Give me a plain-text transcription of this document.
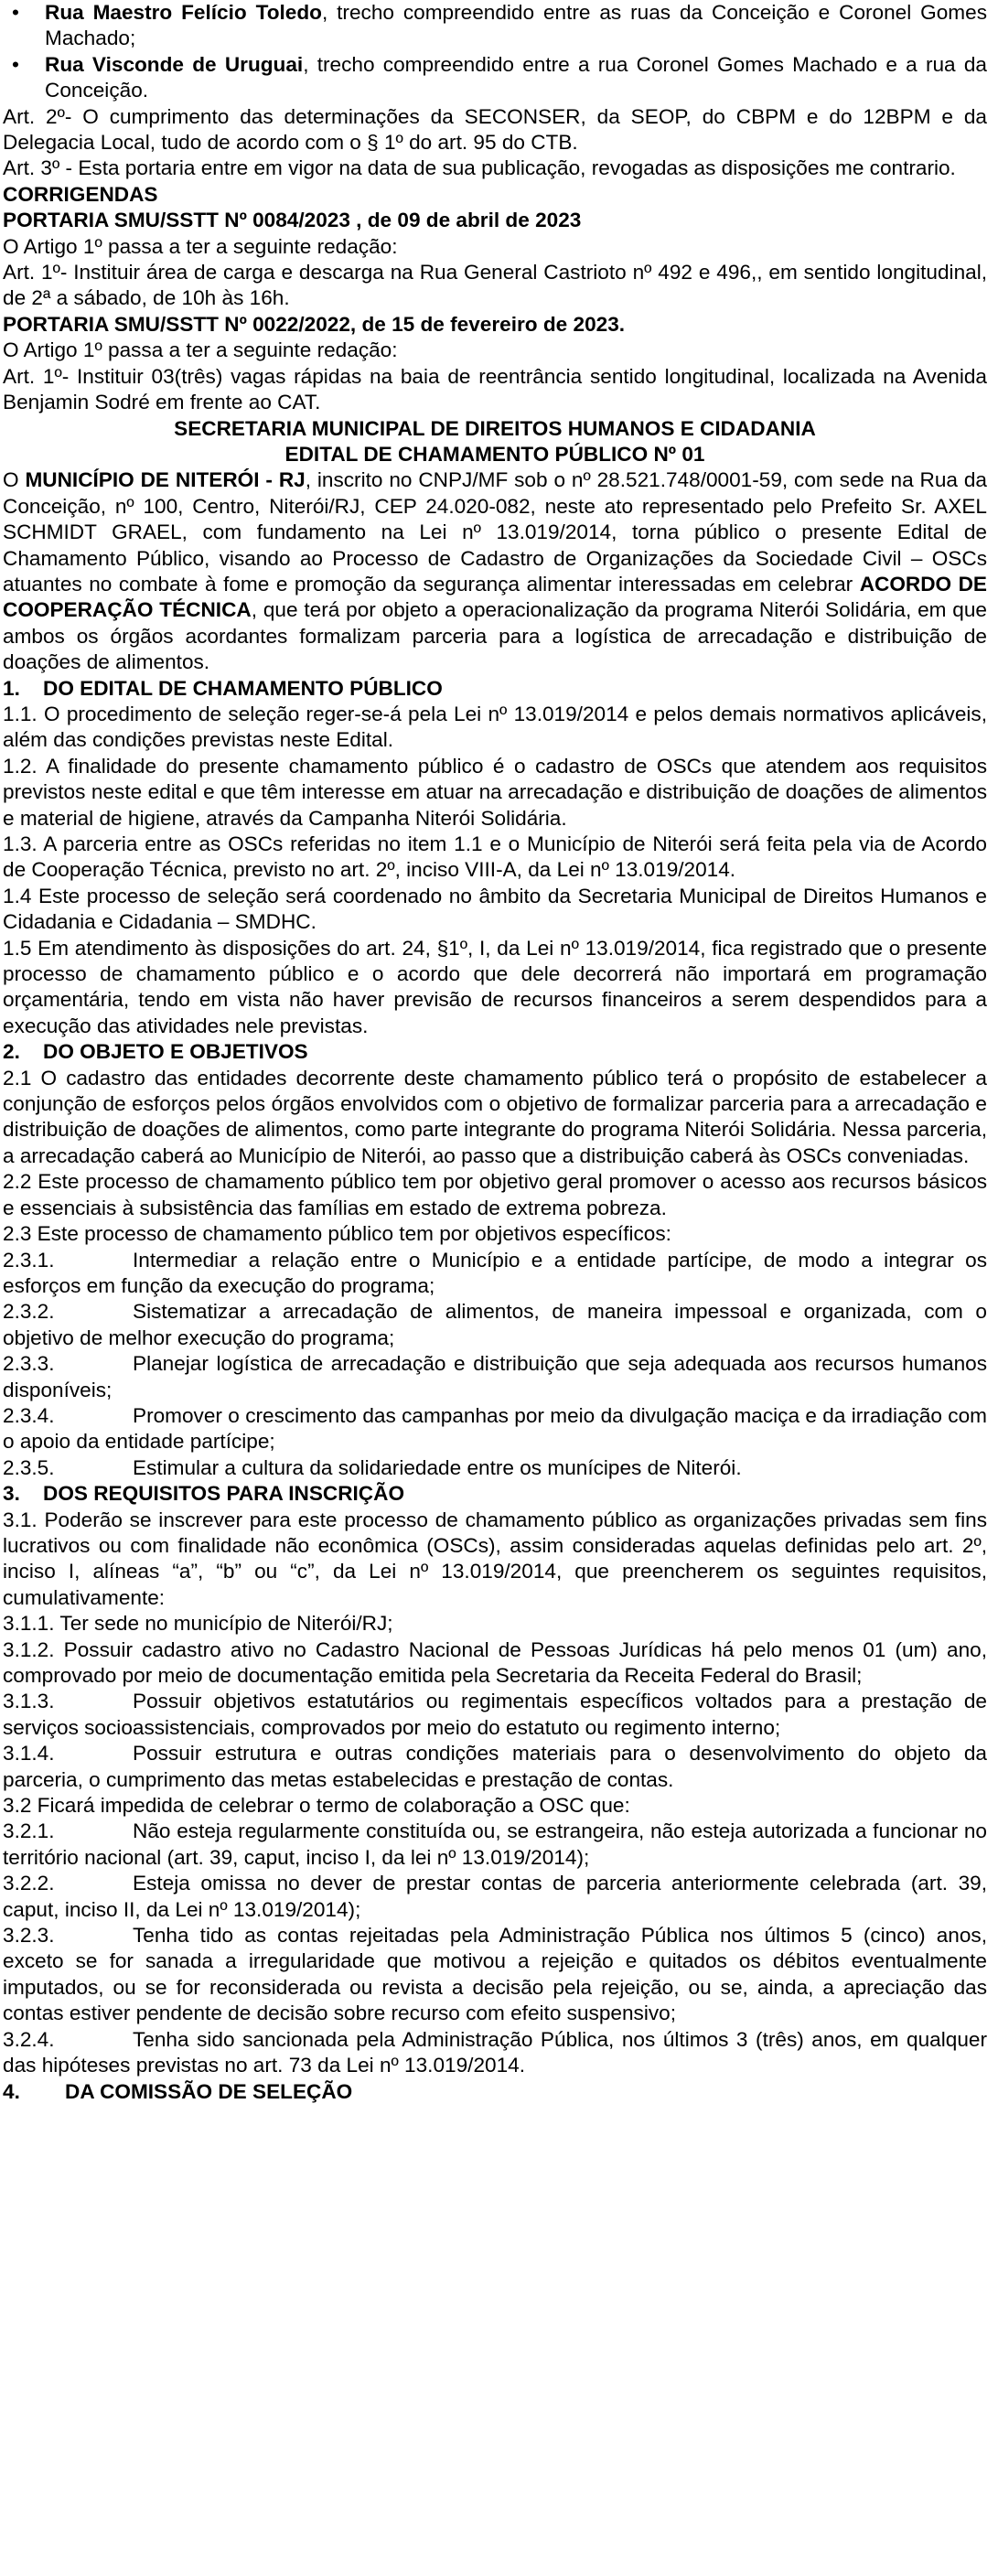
• Rua Maestro Felício Toledo, trecho compreendido entre as ruas da Conceição e Coronel Gomes Machado;

• Rua Visconde de Uruguai, trecho compreendido entre a rua Coronel Gomes Machado e a rua da Conceição.

Art. 2º- O cumprimento das determinações da SECONSER, da SEOP, do CBPM e do 12BPM e da Delegacia Local, tudo de acordo com o § 1º do art. 95 do CTB.

Art. 3º - Esta portaria entre em vigor na data de sua publicação, revogadas as disposições me contrario.

CORRIGENDAS

PORTARIA SMU/SSTT Nº 0084/2023 , de 09 de abril de 2023

O Artigo 1º passa a ter a seguinte redação:

Art. 1º- Instituir área de carga e descarga na Rua General Castrioto nº 492 e 496,, em sentido longitudinal, de 2ª a sábado, de 10h às 16h.

PORTARIA SMU/SSTT Nº 0022/2022, de 15 de fevereiro de 2023.

O Artigo 1º passa a ter a seguinte redação:

Art. 1º- Instituir 03(três) vagas rápidas na baia de reentrância sentido longitudinal, localizada na Avenida Benjamin Sodré em frente ao CAT.

SECRETARIA MUNICIPAL DE DIREITOS HUMANOS E CIDADANIA

EDITAL DE CHAMAMENTO PÚBLICO Nº 01

O MUNICÍPIO DE NITERÓI - RJ, inscrito no CNPJ/MF sob o nº 28.521.748/0001-59, com sede na Rua da Conceição, nº 100, Centro, Niterói/RJ, CEP 24.020-082, neste ato representado pelo Prefeito Sr. AXEL SCHMIDT GRAEL, com fundamento na Lei nº 13.019/2014, torna público o presente Edital de Chamamento Público, visando ao Processo de Cadastro de Organizações da Sociedade Civil – OSCs atuantes no combate à fome e promoção da segurança alimentar interessadas em celebrar ACORDO DE COOPERAÇÃO TÉCNICA, que terá por objeto a operacionalização da programa Niterói Solidária, em que ambos os órgãos acordantes formalizam parceria para a logística de arrecadação e distribuição de doações de alimentos.

1. DO EDITAL DE CHAMAMENTO PÚBLICO

1.1. O procedimento de seleção reger-se-á pela Lei nº 13.019/2014 e pelos demais normativos aplicáveis, além das condições previstas neste Edital.

1.2. A finalidade do presente chamamento público é o cadastro de OSCs que atendem aos requisitos previstos neste edital e que têm interesse em atuar na arrecadação e distribuição de doações de alimentos e material de higiene, através da Campanha Niterói Solidária.

1.3. A parceria entre as OSCs referidas no item 1.1 e o Município de Niterói será feita pela via de Acordo de Cooperação Técnica, previsto no art. 2º, inciso VIII-A, da Lei nº 13.019/2014.

1.4 Este processo de seleção será coordenado no âmbito da Secretaria Municipal de Direitos Humanos e Cidadania e Cidadania – SMDHC.

1.5 Em atendimento às disposições do art. 24, §1º, I, da Lei nº 13.019/2014, fica registrado que o presente processo de chamamento público e o acordo que dele decorrerá não importará em programação orçamentária, tendo em vista não haver previsão de recursos financeiros a serem despendidos para a execução das atividades nele previstas.

2. DO OBJETO E OBJETIVOS

2.1 O cadastro das entidades decorrente deste chamamento público terá o propósito de estabelecer a conjunção de esforços pelos órgãos envolvidos com o objetivo de formalizar parceria para a arrecadação e distribuição de doações de alimentos, como parte integrante do programa Niterói Solidária. Nessa parceria, a arrecadação caberá ao Município de Niterói, ao passo que a distribuição caberá às OSCs conveniadas.

2.2 Este processo de chamamento público tem por objetivo geral promover o acesso aos recursos básicos e essenciais à subsistência das famílias em estado de extrema pobreza.

2.3 Este processo de chamamento público tem por objetivos específicos:

2.3.1.	Intermediar a relação entre o Município e a entidade partícipe, de modo a integrar os esforços em função da execução do programa;

2.3.2.	Sistematizar a arrecadação de alimentos, de maneira impessoal e organizada, com o objetivo de melhor execução do programa;

2.3.3.	Planejar logística de arrecadação e distribuição que seja adequada aos recursos humanos disponíveis;

2.3.4.	Promover o crescimento das campanhas por meio da divulgação maciça e da irradiação com o apoio da entidade partícipe;

2.3.5.	Estimular a cultura da solidariedade entre os munícipes de Niterói.

3. DOS REQUISITOS PARA INSCRIÇÃO

3.1. Poderão se inscrever para este processo de chamamento público as organizações privadas sem fins lucrativos ou com finalidade não econômica (OSCs), assim consideradas aquelas definidas pelo art. 2º, inciso I, alíneas “a”, “b” ou “c”, da Lei nº 13.019/2014, que preencherem os seguintes requisitos, cumulativamente:

3.1.1. Ter sede no município de Niterói/RJ;

3.1.2. Possuir cadastro ativo no Cadastro Nacional de Pessoas Jurídicas há pelo menos 01 (um) ano, comprovado por meio de documentação emitida pela Secretaria da Receita Federal do Brasil;

3.1.3.	Possuir objetivos estatutários ou regimentais específicos voltados para a prestação de serviços socioassistenciais, comprovados por meio do estatuto ou regimento interno;

3.1.4.	Possuir estrutura e outras condições materiais para o desenvolvimento do objeto da parceria, o cumprimento das metas estabelecidas e prestação de contas.

3.2 Ficará impedida de celebrar o termo de colaboração a OSC que:

3.2.1.	Não esteja regularmente constituída ou, se estrangeira, não esteja autorizada a funcionar no território nacional (art. 39, caput, inciso I, da lei nº 13.019/2014);

3.2.2.	Esteja omissa no dever de prestar contas de parceria anteriormente celebrada (art. 39, caput, inciso II, da Lei nº 13.019/2014);

3.2.3.	Tenha tido as contas rejeitadas pela Administração Pública nos últimos 5 (cinco) anos, exceto se for sanada a irregularidade que motivou a rejeição e quitados os débitos eventualmente imputados, ou se for reconsiderada ou revista a decisão pela rejeição, ou se, ainda, a apreciação das contas estiver pendente de decisão sobre recurso com efeito suspensivo;

3.2.4.	Tenha sido sancionada pela Administração Pública, nos últimos 3 (três) anos, em qualquer das hipóteses previstas no art. 73 da Lei nº 13.019/2014.

4. DA COMISSÃO DE SELEÇÃO
